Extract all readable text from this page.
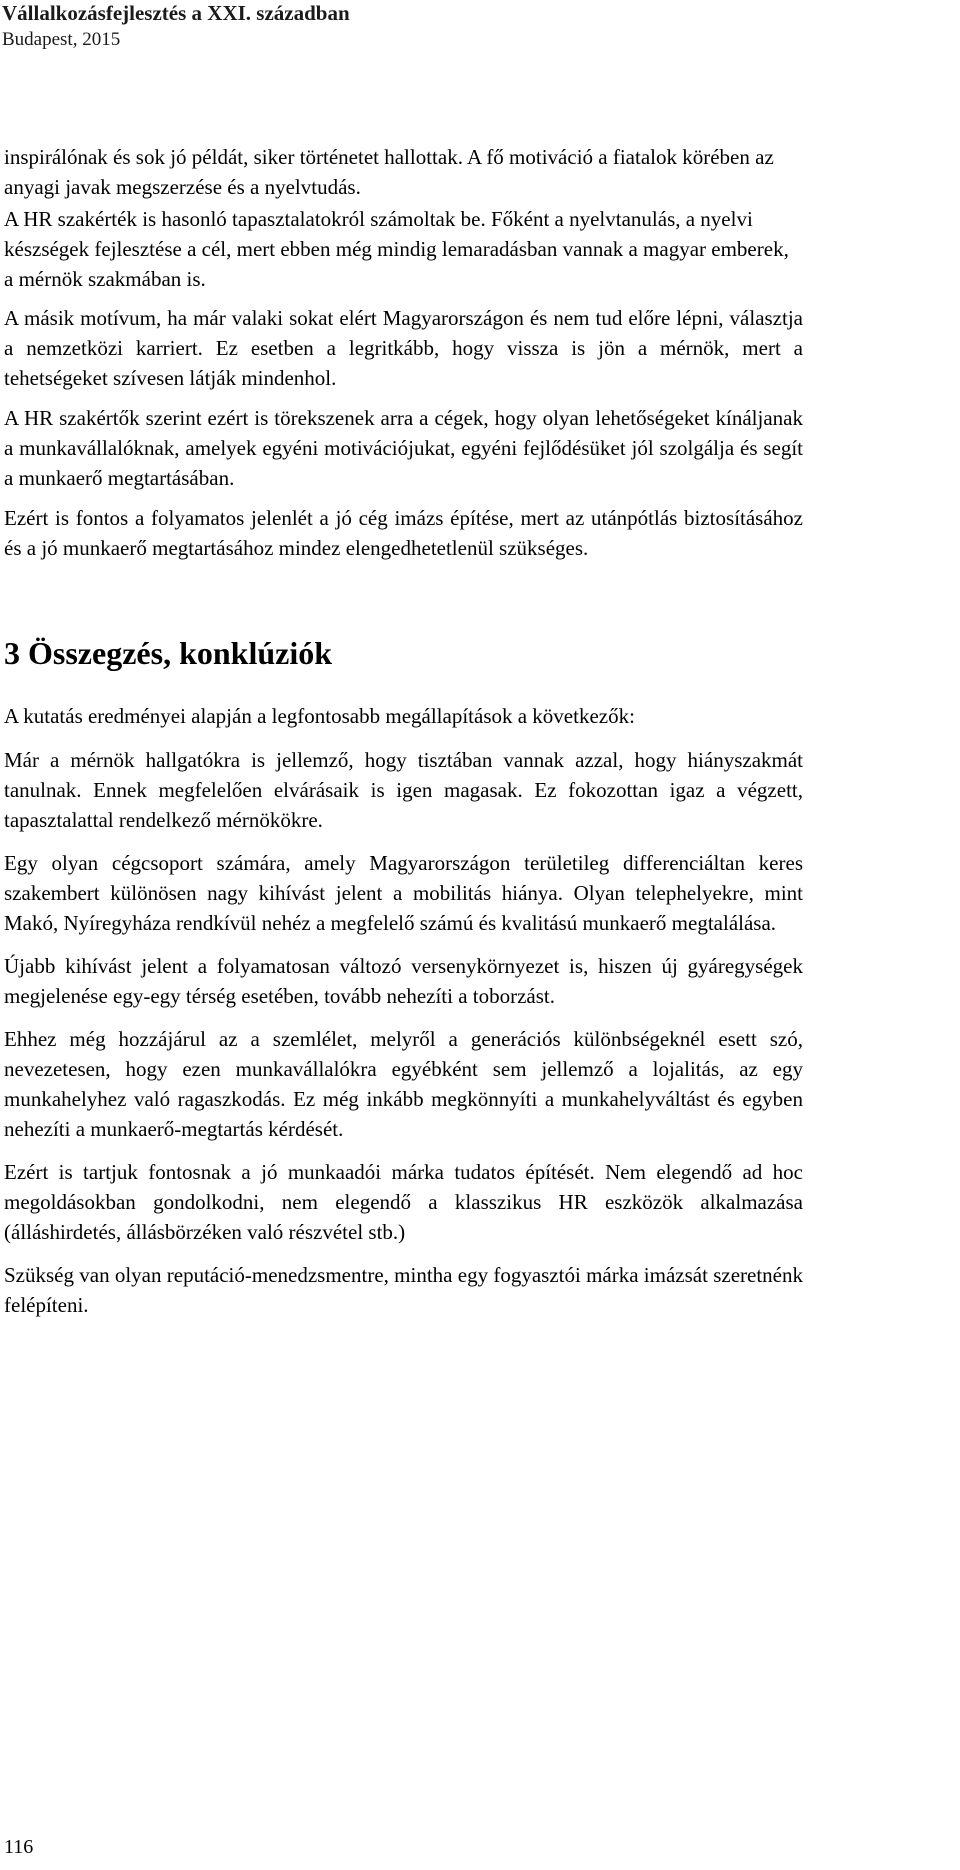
Vállalkozásfejlesztés a XXI. században
Budapest, 2015

inspirálónak és sok jó példát, siker történetet hallottak. A fő motiváció a fiatalok körében az anyagi javak megszerzése és a nyelvtudás.

A HR szakérték is hasonló tapasztalatokról számoltak be. Főként a nyelvtanulás, a nyelvi készségek fejlesztése a cél, mert ebben még mindig lemaradásban vannak a magyar emberek, a mérnök szakmában is.

A másik motívum, ha már valaki sokat elért Magyarországon és nem tud előre lépni, választja a nemzetközi karriert. Ez esetben a legritkább, hogy vissza is jön a mérnök, mert a tehetségeket szívesen látják mindenhol.

A HR szakértők szerint ezért is törekszenek arra a cégek, hogy olyan lehetőségeket kínáljanak a munkavállalóknak, amelyek egyéni motivációjukat, egyéni fejlődésüket jól szolgálja és segít a munkaerő megtartásában.

Ezért is fontos a folyamatos jelenlét a jó cég imázs építése, mert az utánpótlás biztosításához és a jó munkaerő megtartásához mindez elengedhetetlenül szükséges.

3 Összegzés, konklúziók

A kutatás eredményei alapján a legfontosabb megállapítások a következők:

Már a mérnök hallgatókra is jellemző, hogy tisztában vannak azzal, hogy hiányszakmát tanulnak. Ennek megfelelően elvárásaik is igen magasak. Ez fokozottan igaz a végzett, tapasztalattal rendelkező mérnökökre.

Egy olyan cégcsoport számára, amely Magyarországon területileg differenciáltan keres szakembert különösen nagy kihívást jelent a mobilitás hiánya. Olyan telephelyekre, mint Makó, Nyíregyháza rendkívül nehéz a megfelelő számú és kvalitású munkaerő megtalálása.

Újabb kihívást jelent a folyamatosan változó versenykörnyezet is, hiszen új gyáregységek megjelenése egy-egy térség esetében, tovább nehezíti a toborzást.

Ehhez még hozzájárul az a szemlélet, melyről a generációs különbségeknél esett szó, nevezetesen, hogy ezen munkavállalókra egyébként sem jellemző a lojalitás, az egy munkahelyhez való ragaszkodás. Ez még inkább megkönnyíti a munkahelyváltást és egyben nehezíti a munkaerő-megtartás kérdését.

Ezért is tartjuk fontosnak a jó munkaadói márka tudatos építését. Nem elegendő ad hoc megoldásokban gondolkodni, nem elegendő a klasszikus HR eszközök alkalmazása (álláshirdetés, állásbörzéken való részvétel stb.)

Szükség van olyan reputáció-menedzsmentre, mintha egy fogyasztói márka imázsát szeretnénk felépíteni.

116
